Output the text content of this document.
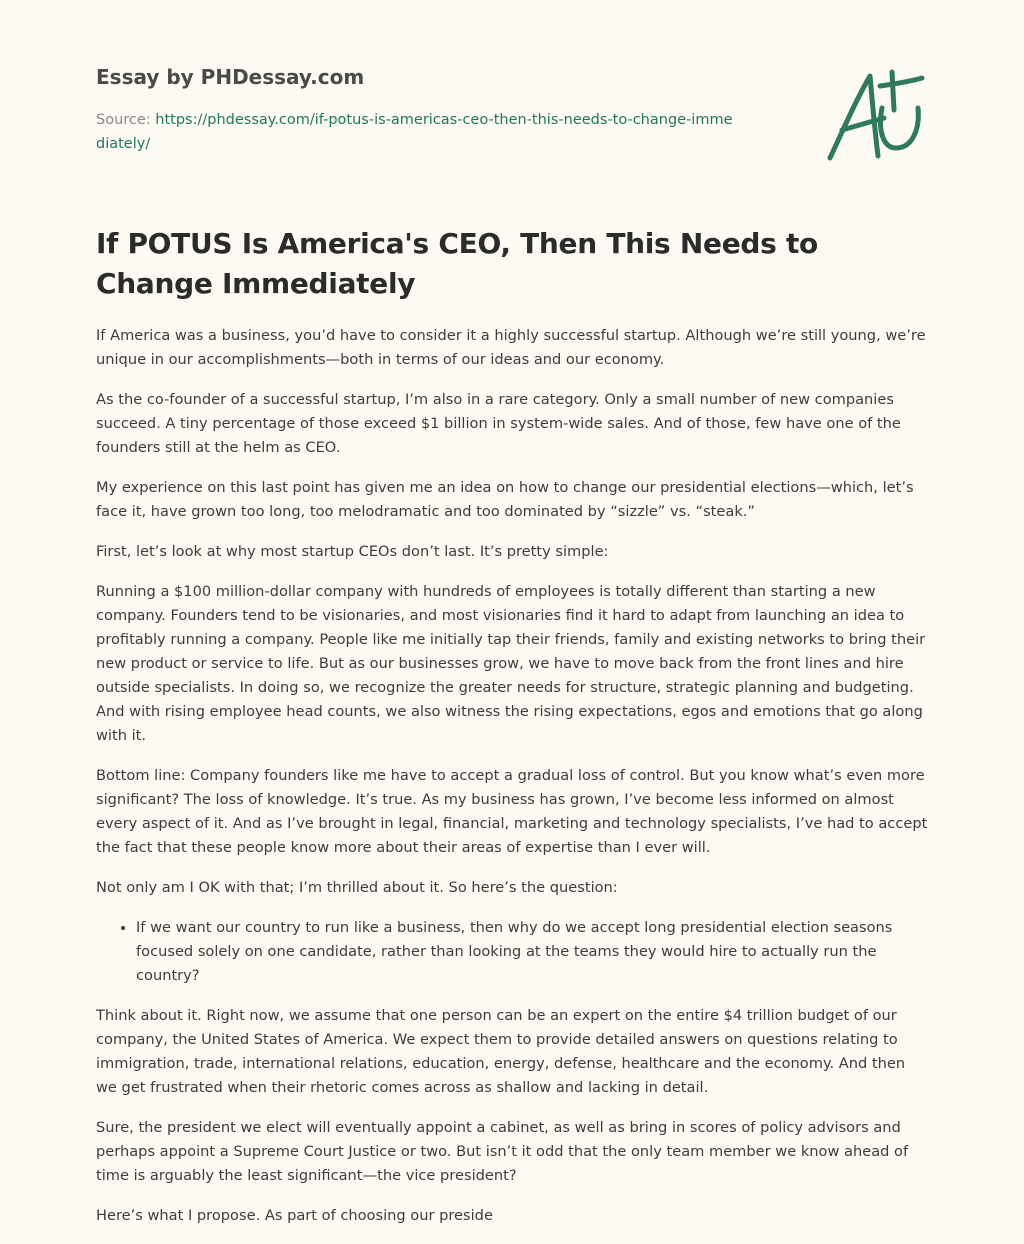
Essay by PHDessay.com
Source: https://phdessay.com/if-potus-is-americas-ceo-then-this-needs-to-change-immediately/
If POTUS Is America's CEO, Then This Needs to Change Immediately

If America was a business, you’d have to consider it a highly successful startup. Although we’re still young, we’re unique in our accomplishments—both in terms of our ideas and our economy.

As the co-founder of a successful startup, I’m also in a rare category. Only a small number of new companies succeed. A tiny percentage of those exceed $1 billion in system-wide sales. And of those, few have one of the founders still at the helm as CEO.

My experience on this last point has given me an idea on how to change our presidential elections—which, let’s face it, have grown too long, too melodramatic and too dominated by “sizzle” vs. “steak.”

First, let’s look at why most startup CEOs don’t last. It’s pretty simple:

Running a $100 million-dollar company with hundreds of employees is totally different than starting a new company. Founders tend to be visionaries, and most visionaries find it hard to adapt from launching an idea to profitably running a company. People like me initially tap their friends, family and existing networks to bring their new product or service to life. But as our businesses grow, we have to move back from the front lines and hire outside specialists. In doing so, we recognize the greater needs for structure, strategic planning and budgeting. And with rising employee head counts, we also witness the rising expectations, egos and emotions that go along with it.

Bottom line: Company founders like me have to accept a gradual loss of control. But you know what’s even more significant? The loss of knowledge. It’s true. As my business has grown, I’ve become less informed on almost every aspect of it. And as I’ve brought in legal, financial, marketing and technology specialists, I’ve had to accept the fact that these people know more about their areas of expertise than I ever will.

Not only am I OK with that; I’m thrilled about it. So here’s the question:

• If we want our country to run like a business, then why do we accept long presidential election seasons focused solely on one candidate, rather than looking at the teams they would hire to actually run the country?

Think about it. Right now, we assume that one person can be an expert on the entire $4 trillion budget of our company, the United States of America. We expect them to provide detailed answers on questions relating to immigration, trade, international relations, education, energy, defense, healthcare and the economy. And then we get frustrated when their rhetoric comes across as shallow and lacking in detail.

Sure, the president we elect will eventually appoint a cabinet, as well as bring in scores of policy advisors and perhaps appoint a Supreme Court Justice or two. But isn’t it odd that the only team member we know ahead of time is arguably the least significant—the vice president?

Here’s what I propose. As part of choosing our preside
